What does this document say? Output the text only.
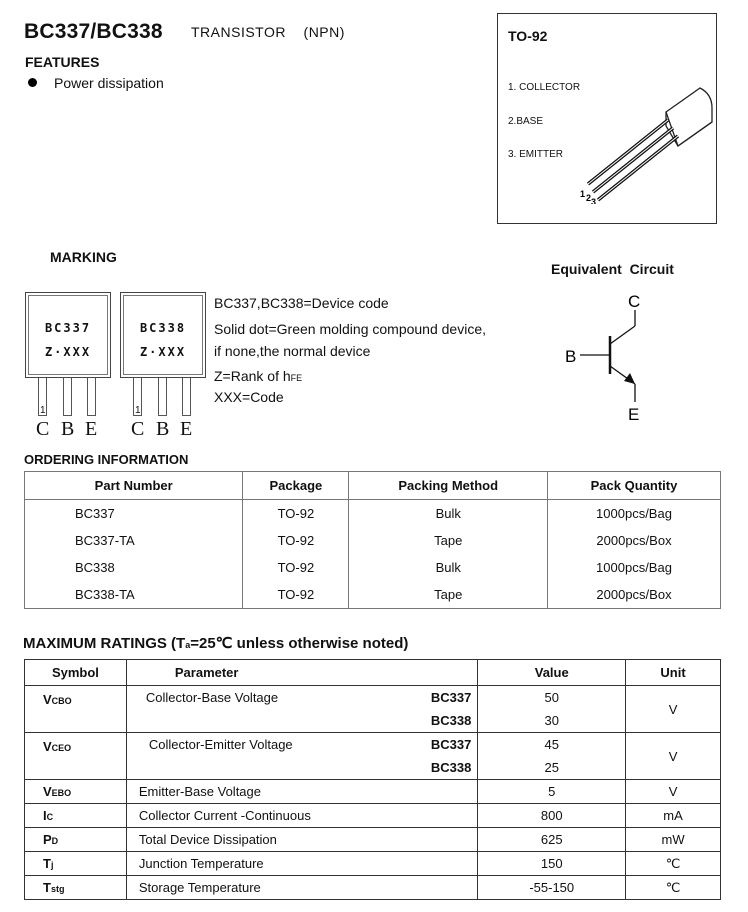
BC337/BC338 TRANSISTOR    (NPN)
FEATURES
Power dissipation
TO-92
1. COLLECTOR
2.BASE
3. EMITTER
1 2 3
MARKING
Equivalent  Circuit
BC337
Z·XXX
1
C B E
BC338
Z·XXX
1
C B E
BC337,BC338=Device code
Solid dot=Green molding compound device,
if none,the normal device
Z=Rank of hFE
XXX=Code
C
B
E
ORDERING INFORMATION
Part Number	Package	Packing Method	Pack Quantity
BC337	TO-92	Bulk	1000pcs/Bag
BC337-TA	TO-92	Tape	2000pcs/Box
BC338	TO-92	Bulk	1000pcs/Bag
BC338-TA	TO-92	Tape	2000pcs/Box
MAXIMUM RATINGS (Ta=25℃ unless otherwise noted)
Symbol	Parameter	Value	Unit
VCBO	Collector-Base Voltage BC337	50	V
	BC338	30	
VCEO	Collector-Emitter Voltage BC337	45	V
	BC338	25	
VEBO	Emitter-Base Voltage	5	V
IC	Collector Current -Continuous	800	mA
PD	Total Device Dissipation	625	mW
Tj	Junction Temperature	150	℃
Tstg	Storage Temperature	-55-150	℃
